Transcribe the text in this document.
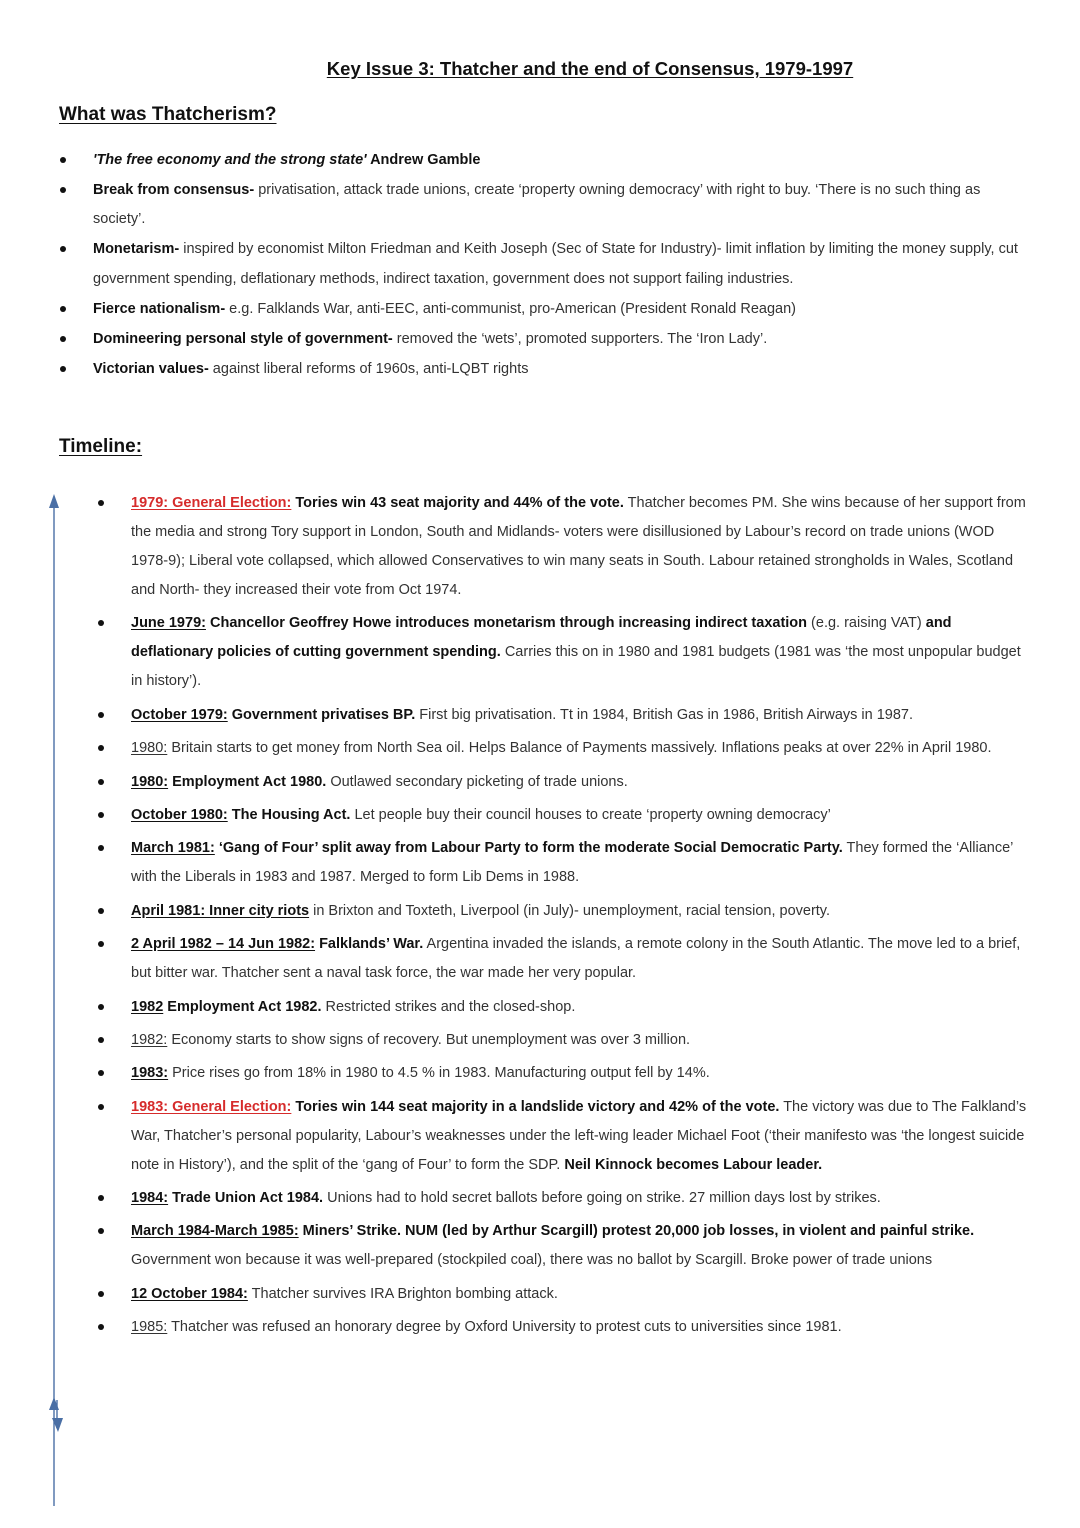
Key Issue 3: Thatcher and the end of Consensus, 1979-1997
What was Thatcherism?
'The free economy and the strong state' Andrew Gamble
Break from consensus- privatisation, attack trade unions, create ‘property owning democracy’ with right to buy. ‘There is no such thing as society’.
Monetarism- inspired by economist Milton Friedman and Keith Joseph (Sec of State for Industry)- limit inflation by limiting the money supply, cut government spending, deflationary methods, indirect taxation, government does not support failing industries.
Fierce nationalism- e.g. Falklands War, anti-EEC, anti-communist, pro-American (President Ronald Reagan)
Domineering personal style of government- removed the ‘wets’, promoted supporters. The ‘Iron Lady’.
Victorian values- against liberal reforms of 1960s, anti-LQBT rights
Timeline:
1979: General Election: Tories win 43 seat majority and 44% of the vote. Thatcher becomes PM. She wins because of her support from the media and strong Tory support in London, South and Midlands- voters were disillusioned by Labour’s record on trade unions (WOD 1978-9); Liberal vote collapsed, which allowed Conservatives to win many seats in South. Labour retained strongholds in Wales, Scotland and North- they increased their vote from Oct 1974.
June 1979: Chancellor Geoffrey Howe introduces monetarism through increasing indirect taxation (e.g. raising VAT) and deflationary policies of cutting government spending. Carries this on in 1980 and 1981 budgets (1981 was ‘the most unpopular budget in history’).
October 1979: Government privatises BP. First big privatisation. Tt in 1984, British Gas in 1986, British Airways in 1987.
1980: Britain starts to get money from North Sea oil. Helps Balance of Payments massively. Inflations peaks at over 22% in April 1980.
1980: Employment Act 1980. Outlawed secondary picketing of trade unions.
October 1980: The Housing Act. Let people buy their council houses to create ‘property owning democracy’
March 1981: ‘Gang of Four’ split away from Labour Party to form the moderate Social Democratic Party. They formed the ‘Alliance’ with the Liberals in 1983 and 1987. Merged to form Lib Dems in 1988.
April 1981: Inner city riots in Brixton and Toxteth, Liverpool (in July)- unemployment, racial tension, poverty.
2 April 1982 – 14 Jun 1982: Falklands’ War. Argentina invaded the islands, a remote colony in the South Atlantic. The move led to a brief, but bitter war. Thatcher sent a naval task force, the war made her very popular.
1982 Employment Act 1982. Restricted strikes and the closed-shop.
1982: Economy starts to show signs of recovery. But unemployment was over 3 million.
1983: Price rises go from 18% in 1980 to 4.5 % in 1983. Manufacturing output fell by 14%.
1983: General Election: Tories win 144 seat majority in a landslide victory and 42% of the vote. The victory was due to The Falkland’s War, Thatcher’s personal popularity, Labour’s weaknesses under the left-wing leader Michael Foot (‘their manifesto was ‘the longest suicide note in History’), and the split of the ‘gang of Four’ to form the SDP. Neil Kinnock becomes Labour leader.
1984: Trade Union Act 1984. Unions had to hold secret ballots before going on strike. 27 million days lost by strikes.
March 1984-March 1985: Miners’ Strike. NUM (led by Arthur Scargill) protest 20,000 job losses, in violent and painful strike. Government won because it was well-prepared (stockpiled coal), there was no ballot by Scargill. Broke power of trade unions
12 October 1984: Thatcher survives IRA Brighton bombing attack.
1985: Thatcher was refused an honorary degree by Oxford University to protest cuts to universities since 1981.
